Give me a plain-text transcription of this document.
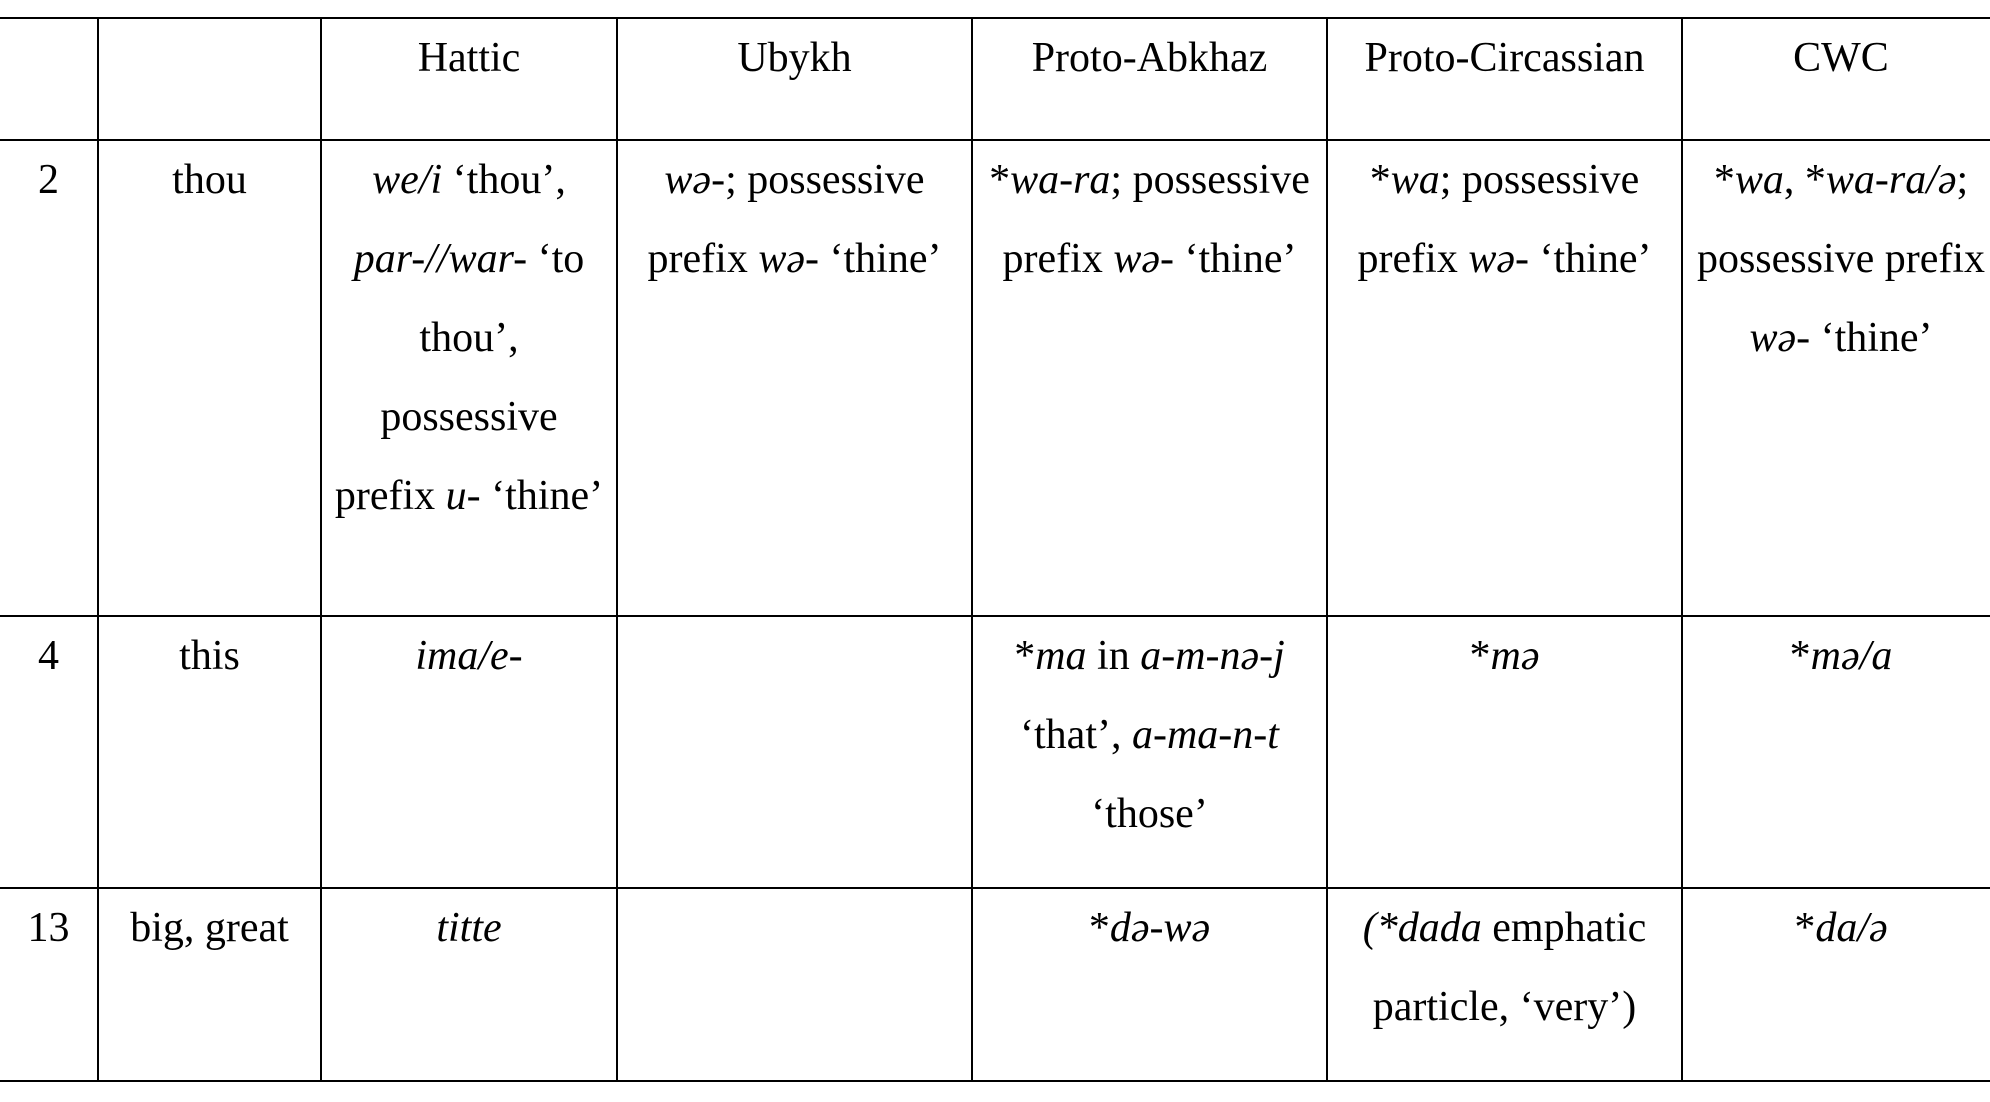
		Hattic	Ubykh	Proto-Abkhaz	Proto-Circassian	CWC
2	thou	we/i ‘thou’, par-//war- ‘to thou’, possessive prefix u- ‘thine’	wə-; possessive prefix wə- ‘thine’	*wa-ra; possessive prefix wə- ‘thine’	*wa; possessive prefix wə- ‘thine’	*wa, *wa-ra/ə; possessive prefix wə- ‘thine’
4	this	ima/e-		*ma in a-m-nə-j ‘that’, a-ma-n-t ‘those’	*mə	*mə/a
13	big, great	titte		*də-wə	(*dada emphatic particle, ‘very’)	*da/ə
